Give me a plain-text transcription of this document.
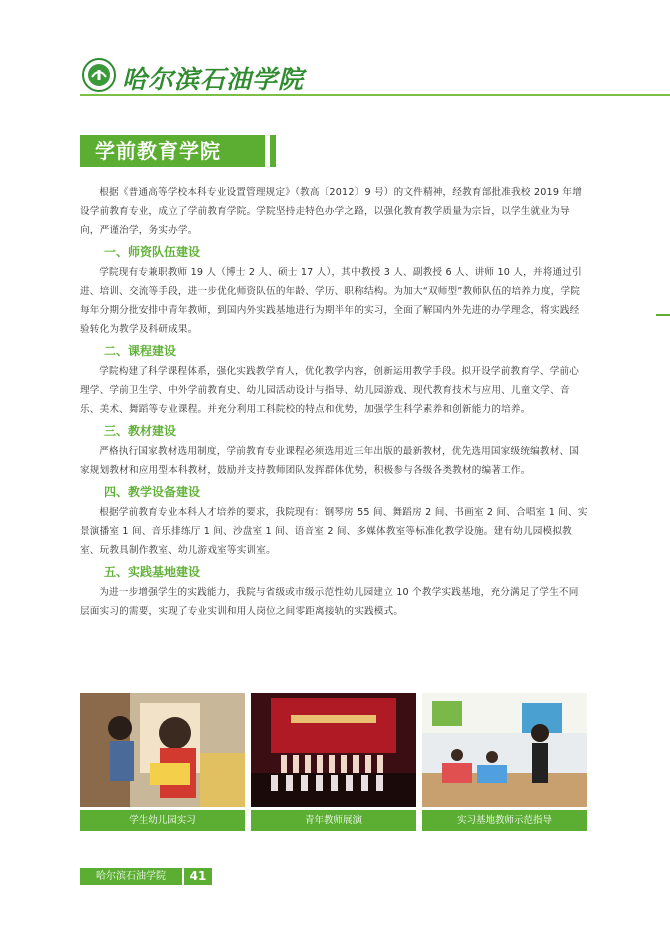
哈尔滨石油学院
学前教育学院

根据《普通高等学校本科专业设置管理规定》（教高〔2012〕9 号）的文件精神，经教育部批准我校 2019 年增设学前教育专业，成立了学前教育学院。学院坚持走特色办学之路，以强化教育教学质量为宗旨，以学生就业为导向，严谨治学，务实办学。

一、师资队伍建设

学院现有专兼职教师 19 人（博士 2 人、硕士 17 人），其中教授 3 人、副教授 6 人、讲师 10 人，并将通过引进、培训、交流等手段，进一步优化师资队伍的年龄、学历、职称结构。为加大“双师型”教师队伍的培养力度，学院每年分期分批安排中青年教师，到国内外实践基地进行为期半年的实习，全面了解国内外先进的办学理念，将实践经验转化为教学及科研成果。

二、课程建设

学院构建了科学课程体系，强化实践教学育人，优化教学内容，创新运用教学手段。拟开设学前教育学、学前心理学、学前卫生学、中外学前教育史、幼儿园活动设计与指导、幼儿园游戏、现代教育技术与应用、儿童文学、音乐、美术、舞蹈等专业课程。并充分利用工科院校的特点和优势，加强学生科学素养和创新能力的培养。

三、教材建设

严格执行国家教材选用制度，学前教育专业课程必须选用近三年出版的最新教材，优先选用国家级统编教材、国家规划教材和应用型本科教材，鼓励并支持教师团队发挥群体优势，积极参与各级各类教材的编著工作。

四、教学设备建设

根据学前教育专业本科人才培养的要求，我院现有：钢琴房 55 间、舞蹈房 2 间、书画室 2 间、合唱室 1 间、实景演播室 1 间、音乐排练厅 1 间、沙盘室 1 间、语音室 2 间、多媒体教室等标准化教学设施。建有幼儿园模拟教室、玩教具制作教室、幼儿游戏室等实训室。

五、实践基地建设

为进一步增强学生的实践能力，我院与省级或市级示范性幼儿园建立 10 个教学实践基地，充分满足了学生不同层面实习的需要，实现了专业实训和用人岗位之间零距离接轨的实践模式。

学生幼儿园实习	青年教师展演	实习基地教师示范指导
哈尔滨石油学院	41
